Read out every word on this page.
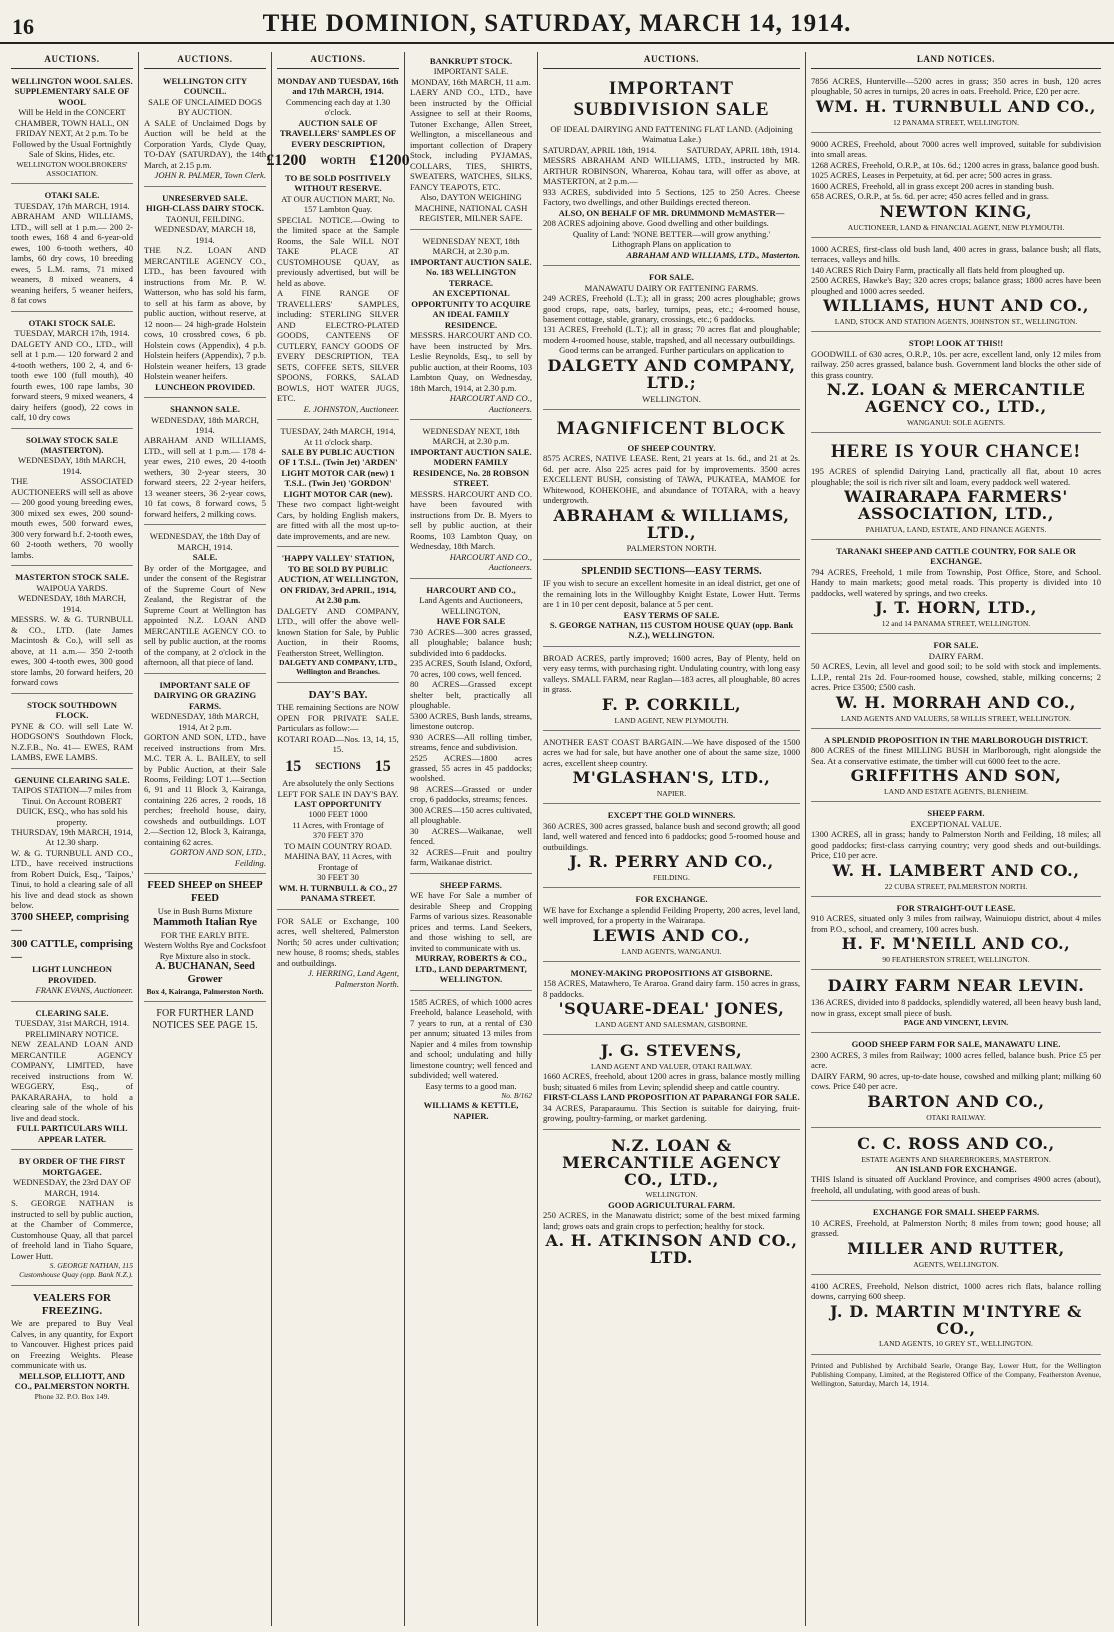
16	THE DOMINION, SATURDAY, MARCH 14, 1914.
AUCTIONS.
WELLINGTON WOOL SALES.
SUPPLEMENTARY SALE OF WOOL
Will be Held in the CONCERT CHAMBER, TOWN HALL, ON FRIDAY NEXT, At 2 p.m. To be Followed by the Usual Fortnightly Sale of Skins, Hides, etc.
WELLINGTON WOOLBROKERS' ASSOCIATION.
OTAKI SALE.
TUESDAY, 17th MARCH, 1914.
ABRAHAM AND WILLIAMS, LTD., will sell at 1 p.m.— 200 2-tooth ewes, 168 4 and 6-year-old ewes, 100 6-tooth wethers, 40 lambs, 60 dry cows, 10 breeding ewes, 5 L.M. rams, 71 mixed weaners, 8 mixed weaners, 4 weaning heifers, 5 weaner heifers, 8 fat cows
OTAKI STOCK SALE.
TUESDAY, MARCH 17th, 1914.
DALGETY AND CO., LTD., will sell at 1 p.m.— 120 forward 2 and 4-tooth wethers, 100 2, 4, and 6-tooth ewe 100 (full mouth), 40 fourth ewes, 100 rape lambs, 30 forward steers, 9 mixed weaners, 4 dairy heifers (good), 22 cows in calf, 10 dry cows
SOLWAY STOCK SALE (MASTERTON).
WEDNESDAY, 18th MARCH, 1914.
THE ASSOCIATED AUCTIONEERS will sell as above— 200 good young breeding ewes, 300 mixed sex ewes, 200 sound-mouth ewes, 500 forward ewes, 300 very forward b.f. 2-tooth ewes, 60 2-tooth wethers, 70 woolly lambs.
MASTERTON STOCK SALE.
WAIPOUA YARDS.
WEDNESDAY, 18th MARCH, 1914.
MESSRS. W. & G. TURNBULL & CO., LTD. (late James Macintosh & Co.), will sell as above, at 11 a.m.— 350 2-tooth ewes, 300 4-tooth ewes, 300 good store lambs, 20 forward heifers, 20 forward cows
STOCK SOUTHDOWN FLOCK.
PYNE & CO. will sell Late W. HODGSON'S Southdown Flock, N.Z.F.B., No. 41— EWES, RAM LAMBS, EWE LAMBS.
GENUINE CLEARING SALE.
TAIPOS STATION—7 miles from Tinui. On Account ROBERT DUICK, ESQ., who has sold his property.
THURSDAY, 19th MARCH, 1914, At 12.30 sharp.
W. & G. TURNBULL AND CO., LTD., have received instructions from Robert Duick, Esq., 'Taipos,' Tinui, to hold a clearing sale of all his live and dead stock as shown below.
3700 SHEEP, comprising—
300 CATTLE, comprising—
LIGHT LUNCHEON PROVIDED.
FRANK EVANS, Auctioneer.
CLEARING SALE.
TUESDAY, 31st MARCH, 1914.
PRELIMINARY NOTICE.
NEW ZEALAND LOAN AND MERCANTILE AGENCY COMPANY, LIMITED, have received instructions from W. WEGGERY, Esq., of PAKARARAHA, to hold a clearing sale of the whole of his live and dead stock.
FULL PARTICULARS WILL APPEAR LATER.
BY ORDER OF THE FIRST MORTGAGEE.
WEDNESDAY, the 23rd DAY OF MARCH, 1914.
S. GEORGE NATHAN is instructed to sell by public auction, at the Chamber of Commerce, Customhouse Quay, all that parcel of freehold land in Tiaho Square, Lower Hutt.
S. GEORGE NATHAN, 115 Customhouse Quay (opp. Bank N.Z.).
VEALERS FOR FREEZING.
We are prepared to Buy Veal Calves, in any quantity, for Export to Vancouver. Highest prices paid on Freezing Weights. Please communicate with us.
MELLSOP, ELLIOTT, AND CO., PALMERSTON NORTH.
Phone 32. P.O. Box 149.
AUCTIONS.
WELLINGTON CITY COUNCIL.
SALE OF UNCLAIMED DOGS BY AUCTION.
A SALE of Unclaimed Dogs by Auction will be held at the Corporation Yards, Clyde Quay, TO-DAY (SATURDAY), the 14th March, at 2.15 p.m.
JOHN R. PALMER, Town Clerk.
UNRESERVED SALE.
HIGH-CLASS DAIRY STOCK.
TAONUI, FEILDING.
WEDNESDAY, MARCH 18, 1914.
THE N.Z. LOAN AND MERCANTILE AGENCY CO., LTD., has been favoured with instructions from Mr. P. W. Watterson, who has sold his farm, to sell at his farm as above, by public auction, without reserve, at 12 noon— 24 high-grade Holstein cows, 10 crossbred cows, 6 pb. Holstein cows (Appendix), 4 p.b. Holstein heifers (Appendix), 7 p.b. Holstein weaner heifers, 13 grade Holstein weaner heifers.
LUNCHEON PROVIDED.
SHANNON SALE.
WEDNESDAY, 18th MARCH, 1914.
ABRAHAM AND WILLIAMS, LTD., will sell at 1 p.m.— 178 4-year ewes, 210 ewes, 20 4-tooth wethers, 30 2-year steers, 30 forward steers, 22 2-year heifers, 13 weaner steers, 36 2-year cows, 10 fat cows, 8 forward cows, 5 forward heifers, 2 milking cows.
WEDNESDAY, the 18th Day of MARCH, 1914.
SALE.
By order of the Mortgagee, and under the consent of the Registrar of the Supreme Court of New Zealand, the Registrar of the Supreme Court at Wellington has appointed N.Z. LOAN AND MERCANTILE AGENCY CO. to sell by public auction, at the rooms of the company, at 2 o'clock in the afternoon, all that piece of land.
IMPORTANT SALE OF DAIRYING OR GRAZING FARMS.
WEDNESDAY, 18th MARCH, 1914, At 2 p.m.
GORTON AND SON, LTD., have received instructions from Mrs. M.C. TER A. L. BAILEY, to sell by Public Auction, at their Sale Rooms, Feilding: LOT 1.—Section 6, 91 and 11 Block 3, Kairanga, containing 226 acres, 2 roods, 18 perches; freehold house, dairy, cowsheds and outbuildings. LOT 2.—Section 12, Block 3, Kairanga, containing 62 acres.
GORTON AND SON, LTD., Feilding.
FEED SHEEP on SHEEP FEED
Use in Bush Burns Mixture
Mammoth Italian Rye
FOR THE EARLY BITE.
Western Wolths Rye and Cocksfoot Rye Mixture also in stock.
A. BUCHANAN, Seed Grower
Box 4, Kairanga, Palmerston North.
FOR FURTHER LAND NOTICES SEE PAGE 15.
AUCTIONS.
MONDAY AND TUESDAY, 16th and 17th MARCH, 1914.
Commencing each day at 1.30 o'clock.
AUCTION SALE OF TRAVELLERS' SAMPLES OF EVERY DESCRIPTION,
£1200 WORTH £1200
TO BE SOLD POSITIVELY WITHOUT RESERVE.
AT OUR AUCTION MART, No. 157 Lambton Quay.
SPECIAL NOTICE.—Owing to the limited space at the Sample Rooms, the Sale WILL NOT TAKE PLACE AT CUSTOMHOUSE QUAY, as previously advertised, but will be held as above.
A FINE RANGE OF TRAVELLERS' SAMPLES, including: STERLING SILVER AND ELECTRO-PLATED GOODS, CANTEENS OF CUTLERY, FANCY GOODS OF EVERY DESCRIPTION, TEA SETS, COFFEE SETS, SILVER SPOONS, FORKS, SALAD BOWLS, HOT WATER JUGS, ETC.
E. JOHNSTON, Auctioneer.
TUESDAY, 24th MARCH, 1914, At 11 o'clock sharp.
SALE BY PUBLIC AUCTION OF 1 T.S.L. (Twin Jet) 'ARDEN' LIGHT MOTOR CAR (new) 1 T.S.L. (Twin Jet) 'GORDON' LIGHT MOTOR CAR (new).
These two compact light-weight Cars, by holding English makers, are fitted with all the most up-to-date improvements, and are new.
'HAPPY VALLEY' STATION, TO BE SOLD BY PUBLIC AUCTION, AT WELLINGTON, ON FRIDAY, 3rd APRIL, 1914, At 2.30 p.m.
DALGETY AND COMPANY, LTD., will offer the above well-known Station for Sale, by Public Auction, in their Rooms, Featherston Street, Wellington.
DALGETY AND COMPANY, LTD., Wellington and Branches.
DAY'S BAY.
THE remaining Sections are NOW OPEN FOR PRIVATE SALE. Particulars as follow:—
KOTARI ROAD—Nos. 13, 14, 15, 15.
15 SECTIONS 15
Are absolutely the only Sections LEFT FOR SALE IN DAY'S BAY.
LAST OPPORTUNITY
1000 FEET 1000
11 Acres, with Frontage of
370 FEET 370
TO MAIN COUNTRY ROAD.
MAHINA BAY, 11 Acres, with Frontage of
30 FEET 30
WM. H. TURNBULL & CO., 27 PANAMA STREET.
FOR SALE or Exchange, 100 acres, well sheltered, Palmerston North; 50 acres under cultivation; new house, 8 rooms; sheds, stables and outbuildings.
J. HERRING, Land Agent, Palmerston North.
BANKRUPT STOCK.
IMPORTANT SALE.
MONDAY, 16th MARCH, 11 a.m.
LAERY AND CO., LTD., have been instructed by the Official Assignee to sell at their Rooms, Tutoner Exchange, Allen Street, Wellington, a miscellaneous and important collection of Drapery Stock, including PYJAMAS, COLLARS, TIES, SHIRTS, SWEATERS, WATCHES, SILKS, FANCY TEAPOTS, ETC.
Also, DAYTON WEIGHING MACHINE, NATIONAL CASH REGISTER, MILNER SAFE.
WEDNESDAY NEXT, 18th MARCH, at 2.30 p.m.
IMPORTANT AUCTION SALE. No. 183 WELLINGTON TERRACE.
AN EXCEPTIONAL OPPORTUNITY TO ACQUIRE AN IDEAL FAMILY RESIDENCE.
MESSRS. HARCOURT AND CO. have been instructed by Mrs. Leslie Reynolds, Esq., to sell by public auction, at their Rooms, 103 Lambton Quay, on Wednesday, 18th March, 1914, at 2.30 p.m.
HARCOURT AND CO., Auctioneers.
WEDNESDAY NEXT, 18th MARCH, at 2.30 p.m.
IMPORTANT AUCTION SALE.
MODERN FAMILY RESIDENCE, No. 28 ROBSON STREET.
MESSRS. HARCOURT AND CO. have been favoured with instructions from Dr. B. Myers to sell by public auction, at their Rooms, 103 Lambton Quay, on Wednesday, 18th March.
HARCOURT AND CO., Auctioneers.
HARCOURT AND CO.,
Land Agents and Auctioneers, WELLINGTON,
HAVE FOR SALE
730 ACRES—300 acres grassed, all ploughable; balance bush; subdivided into 6 paddocks.
235 ACRES, South Island, Oxford, 70 acres, 100 cows, well fenced.
80 ACRES—Grassed except shelter belt, practically all ploughable.
5300 ACRES, Bush lands, streams, limestone outcrop.
930 ACRES—All rolling timber, streams, fence and subdivision.
2525 ACRES—1800 acres grassed, 55 acres in 45 paddocks; woolshed.
98 ACRES—Grassed or under crop, 6 paddocks, streams; fences.
300 ACRES—150 acres cultivated, all ploughable.
30 ACRES—Waikanae, well fenced.
32 ACRES—Fruit and poultry farm, Waikanae district.
SHEEP FARMS.
WE have For Sale a number of desirable Sheep and Cropping Farms of various sizes. Reasonable prices and terms. Land Seekers, and those wishing to sell, are invited to communicate with us.
MURRAY, ROBERTS & CO., LTD., LAND DEPARTMENT, WELLINGTON.
1585 ACRES, of which 1000 acres Freehold, balance Leasehold, with 7 years to run, at a rental of £30 per annum; situated 13 miles from Napier and 4 miles from township and school; undulating and hilly limestone country; well fenced and subdivided; well watered.
Easy terms to a good man.
No. B/162
WILLIAMS & KETTLE, NAPIER.
AUCTIONS.
IMPORTANT SUBDIVISION SALE
OF IDEAL DAIRYING AND FATTENING FLAT LAND. (Adjoining Waimatua Lake.)
SATURDAY, APRIL 18th, 1914.	SATURDAY, APRIL 18th, 1914.
MESSRS ABRAHAM AND WILLIAMS, LTD., instructed by MR. ARTHUR ROBINSON, Whareroa, Kohau tara, will offer as above, at MASTERTON, at 2 p.m.—
933 ACRES, subdivided into 5 Sections, 125 to 250 Acres. Cheese Factory, two dwellings, and other Buildings erected thereon.
ALSO, ON BEHALF OF MR. DRUMMOND McMASTER—
208 ACRES adjoining above. Good dwelling and other buildings.
Quality of Land: 'NONE BETTER—will grow anything.'
Lithograph Plans on application to
ABRAHAM AND WILLIAMS, LTD., Masterton.
FOR SALE.
MANAWATU DAIRY OR FATTENING FARMS.
249 ACRES, Freehold (L.T.); all in grass; 200 acres ploughable; grows good crops, rape, oats, barley, turnips, peas, etc.; 4-roomed house, basement cottage, stable, granary, crossings, etc.; 6 paddocks.
131 ACRES, Freehold (L.T.); all in grass; 70 acres flat and ploughable; modern 4-roomed house, stable, trapshed, and all necessary outbuildings.
Good terms can be arranged. Further particulars on application to
DALGETY AND COMPANY, LTD.;
WELLINGTON.
MAGNIFICENT BLOCK
OF SHEEP COUNTRY.
8575 ACRES, NATIVE LEASE. Rent, 21 years at 1s. 6d., and 21 at 2s. 6d. per acre. Also 225 acres paid for by improvements. 3500 acres EXCELLENT BUSH, consisting of TAWA, PUKATEA, MAMOE for Whitewood, KOHEKOHE, and abundance of TOTARA, with a heavy undergrowth.
ABRAHAM & WILLIAMS, LTD.,
PALMERSTON NORTH.
SPLENDID SECTIONS—EASY TERMS.
IF you wish to secure an excellent homesite in an ideal district, get one of the remaining lots in the Willoughby Knight Estate, Lower Hutt. Terms are 1 in 10 per cent deposit, balance at 5 per cent.
EASY TERMS OF SALE.
S. GEORGE NATHAN, 115 CUSTOM HOUSE QUAY (opp. Bank N.Z.), WELLINGTON.
BROAD ACRES, partly improved; 1600 acres, Bay of Plenty, held on very easy terms, with purchasing right. Undulating country, with long easy valleys. SMALL FARM, near Raglan—183 acres, all ploughable, 80 acres in grass.
F. P. CORKILL,
LAND AGENT, NEW PLYMOUTH.
ANOTHER EAST COAST BARGAIN.—We have disposed of the 1500 acres we had for sale, but have another one of about the same size, 1000 acres, excellent sheep country.
M'GLASHAN'S, LTD.,
NAPIER.
EXCEPT THE GOLD WINNERS.
360 ACRES, 300 acres grassed, balance bush and second growth; all good land, well watered and fenced into 6 paddocks; good 5-roomed house and outbuildings.
J. R. PERRY AND CO.,
FEILDING.
FOR EXCHANGE.
WE have for Exchange a splendid Feilding Property, 200 acres, level land, well improved, for a property in the Wairarapa.
LEWIS AND CO.,
LAND AGENTS, WANGANUI.
MONEY-MAKING PROPOSITIONS AT GISBORNE.
158 ACRES, Matawhero, Te Araroa. Grand dairy farm. 150 acres in grass, 8 paddocks.
'SQUARE-DEAL' JONES,
LAND AGENT AND SALESMAN, GISBORNE.
J. G. STEVENS,
LAND AGENT AND VALUER, OTAKI RAILWAY.
1660 ACRES, freehold, about 1200 acres in grass, balance mostly milling bush; situated 6 miles from Levin; splendid sheep and cattle country.
FIRST-CLASS LAND PROPOSITION AT PAPARANGI FOR SALE.
34 ACRES, Paraparaumu. This Section is suitable for dairying, fruit-growing, poultry-farming, or market gardening.
N.Z. LOAN & MERCANTILE AGENCY CO., LTD.,
WELLINGTON.
GOOD AGRICULTURAL FARM.
250 ACRES, in the Manawatu district; some of the best mixed farming land; grows oats and grain crops to perfection; healthy for stock.
A. H. ATKINSON AND CO., LTD.
LAND NOTICES.
7856 ACRES, Hunterville—5200 acres in grass; 350 acres in bush, 120 acres ploughable, 50 acres in turnips, 20 acres in oats. Freehold. Price, £20 per acre.
WM. H. TURNBULL AND CO.,
12 PANAMA STREET, WELLINGTON.
9000 ACRES, Freehold, about 7000 acres well improved, suitable for subdivision into small areas.
1268 ACRES, Freehold, O.R.P., at 10s. 6d.; 1200 acres in grass, balance good bush.
1025 ACRES, Leases in Perpetuity, at 6d. per acre; 500 acres in grass.
1600 ACRES, Freehold, all in grass except 200 acres in standing bush.
658 ACRES, O.R.P., at 5s. 6d. per acre; 450 acres felled and in grass.
NEWTON KING,
AUCTIONEER, LAND & FINANCIAL AGENT, NEW PLYMOUTH.
1000 ACRES, first-class old bush land, 400 acres in grass, balance bush; all flats, terraces, valleys and hills.
140 ACRES Rich Dairy Farm, practically all flats held from ploughed up.
2500 ACRES, Hawke's Bay; 320 acres crops; balance grass; 1800 acres have been ploughed and 1000 acres seeded.
WILLIAMS, HUNT AND CO.,
LAND, STOCK AND STATION AGENTS, JOHNSTON ST., WELLINGTON.
STOP! LOOK AT THIS!!
GOODWILL of 630 acres, O.R.P., 10s. per acre, excellent land, only 12 miles from railway. 250 acres grassed, balance bush. Government land blocks the other side of this grass country.
N.Z. LOAN & MERCANTILE AGENCY CO., LTD.,
WANGANUI: SOLE AGENTS.
HERE IS YOUR CHANCE!
195 ACRES of splendid Dairying Land, practically all flat, about 10 acres ploughable; the soil is rich river silt and loam, every paddock well watered.
WAIRARAPA FARMERS' ASSOCIATION, LTD.,
PAHIATUA, LAND, ESTATE, AND FINANCE AGENTS.
TARANAKI SHEEP AND CATTLE COUNTRY, FOR SALE OR EXCHANGE.
794 ACRES, Freehold, 1 mile from Township, Post Office, Store, and School. Handy to main markets; good metal roads. This property is divided into 10 paddocks, well watered by springs, and two creeks.
J. T. HORN, LTD.,
12 and 14 PANAMA STREET, WELLINGTON.
FOR SALE.
DAIRY FARM.
50 ACRES, Levin, all level and good soil; to be sold with stock and implements. L.I.P., rental 21s 2d. Four-roomed house, cowshed, stable, milking concerns; 2 acres. Price £3500; £500 cash.
W. H. MORRAH AND CO.,
LAND AGENTS AND VALUERS, 58 WILLIS STREET, WELLINGTON.
A SPLENDID PROPOSITION IN THE MARLBOROUGH DISTRICT.
800 ACRES of the finest MILLING BUSH in Marlborough, right alongside the Sea. At a conservative estimate, the timber will cut 6000 feet to the acre.
GRIFFITHS AND SON,
LAND AND ESTATE AGENTS, BLENHEIM.
SHEEP FARM.
EXCEPTIONAL VALUE.
1300 ACRES, all in grass; handy to Palmerston North and Feilding, 18 miles; all good paddocks; first-class carrying country; very good sheds and out-buildings. Price, £10 per acre.
W. H. LAMBERT AND CO.,
22 CUBA STREET, PALMERSTON NORTH.
FOR STRAIGHT-OUT LEASE.
910 ACRES, situated only 3 miles from railway, Wainuiopu district, about 4 miles from P.O., school, and creamery, 100 acres bush.
H. F. M'NEILL AND CO.,
90 FEATHERSTON STREET, WELLINGTON.
DAIRY FARM NEAR LEVIN.
136 ACRES, divided into 8 paddocks, splendidly watered, all been heavy bush land, now in grass, except small piece of bush.
PAGE AND VINCENT, LEVIN.
GOOD SHEEP FARM FOR SALE, MANAWATU LINE.
2300 ACRES, 3 miles from Railway; 1000 acres felled, balance bush. Price £5 per acre.
DAIRY FARM, 90 acres, up-to-date house, cowshed and milking plant; milking 60 cows. Price £40 per acre.
BARTON AND CO.,
OTAKI RAILWAY.
C. C. ROSS AND CO.,
ESTATE AGENTS AND SHAREBROKERS, MASTERTON.
AN ISLAND FOR EXCHANGE.
THIS Island is situated off Auckland Province, and comprises 4900 acres (about), freehold, all undulating, with good areas of bush.
EXCHANGE FOR SMALL SHEEP FARMS.
10 ACRES, Freehold, at Palmerston North; 8 miles from town; good house; all grassed.
MILLER AND RUTTER,
AGENTS, WELLINGTON.
4100 ACRES, Freehold, Nelson district, 1000 acres rich flats, balance rolling downs, carrying 600 sheep.
J. D. MARTIN M'INTYRE & CO.,
LAND AGENTS, 10 GREY ST., WELLINGTON.
Printed and Published by Archibald Searle, Orange Bay, Lower Hutt, for the Wellington Publishing Company, Limited, at the Registered Office of the Company, Featherston Avenue, Wellington, Saturday, March 14, 1914.
